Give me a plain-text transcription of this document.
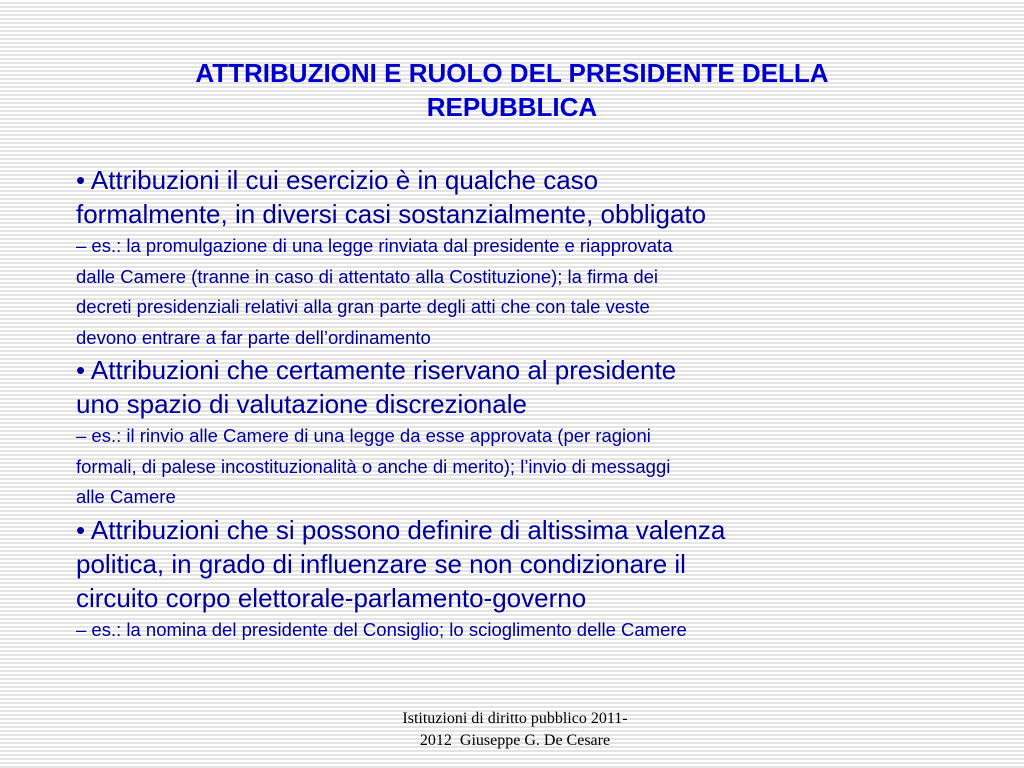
ATTRIBUZIONI E RUOLO DEL PRESIDENTE DELLA
REPUBBLICA

• Attribuzioni il cui esercizio è in qualche caso
formalmente, in diversi casi sostanzialmente, obbligato

– es.: la promulgazione di una legge rinviata dal presidente e riapprovata
dalle Camere (tranne in caso di attentato alla Costituzione); la firma dei
decreti presidenziali relativi alla gran parte degli atti che con tale veste
devono entrare a far parte dell’ordinamento

• Attribuzioni che certamente riservano al presidente
uno spazio di valutazione discrezionale

– es.: il rinvio alle Camere di una legge da esse approvata (per ragioni
formali, di palese incostituzionalità o anche di merito); l’invio di messaggi
alle Camere

• Attribuzioni che si possono definire di altissima valenza
politica, in grado di influenzare se non condizionare il
circuito corpo elettorale-parlamento-governo

– es.: la nomina del presidente del Consiglio; lo scioglimento delle Camere

Istituzioni di diritto pubblico 2011-
2012  Giuseppe G. De Cesare
